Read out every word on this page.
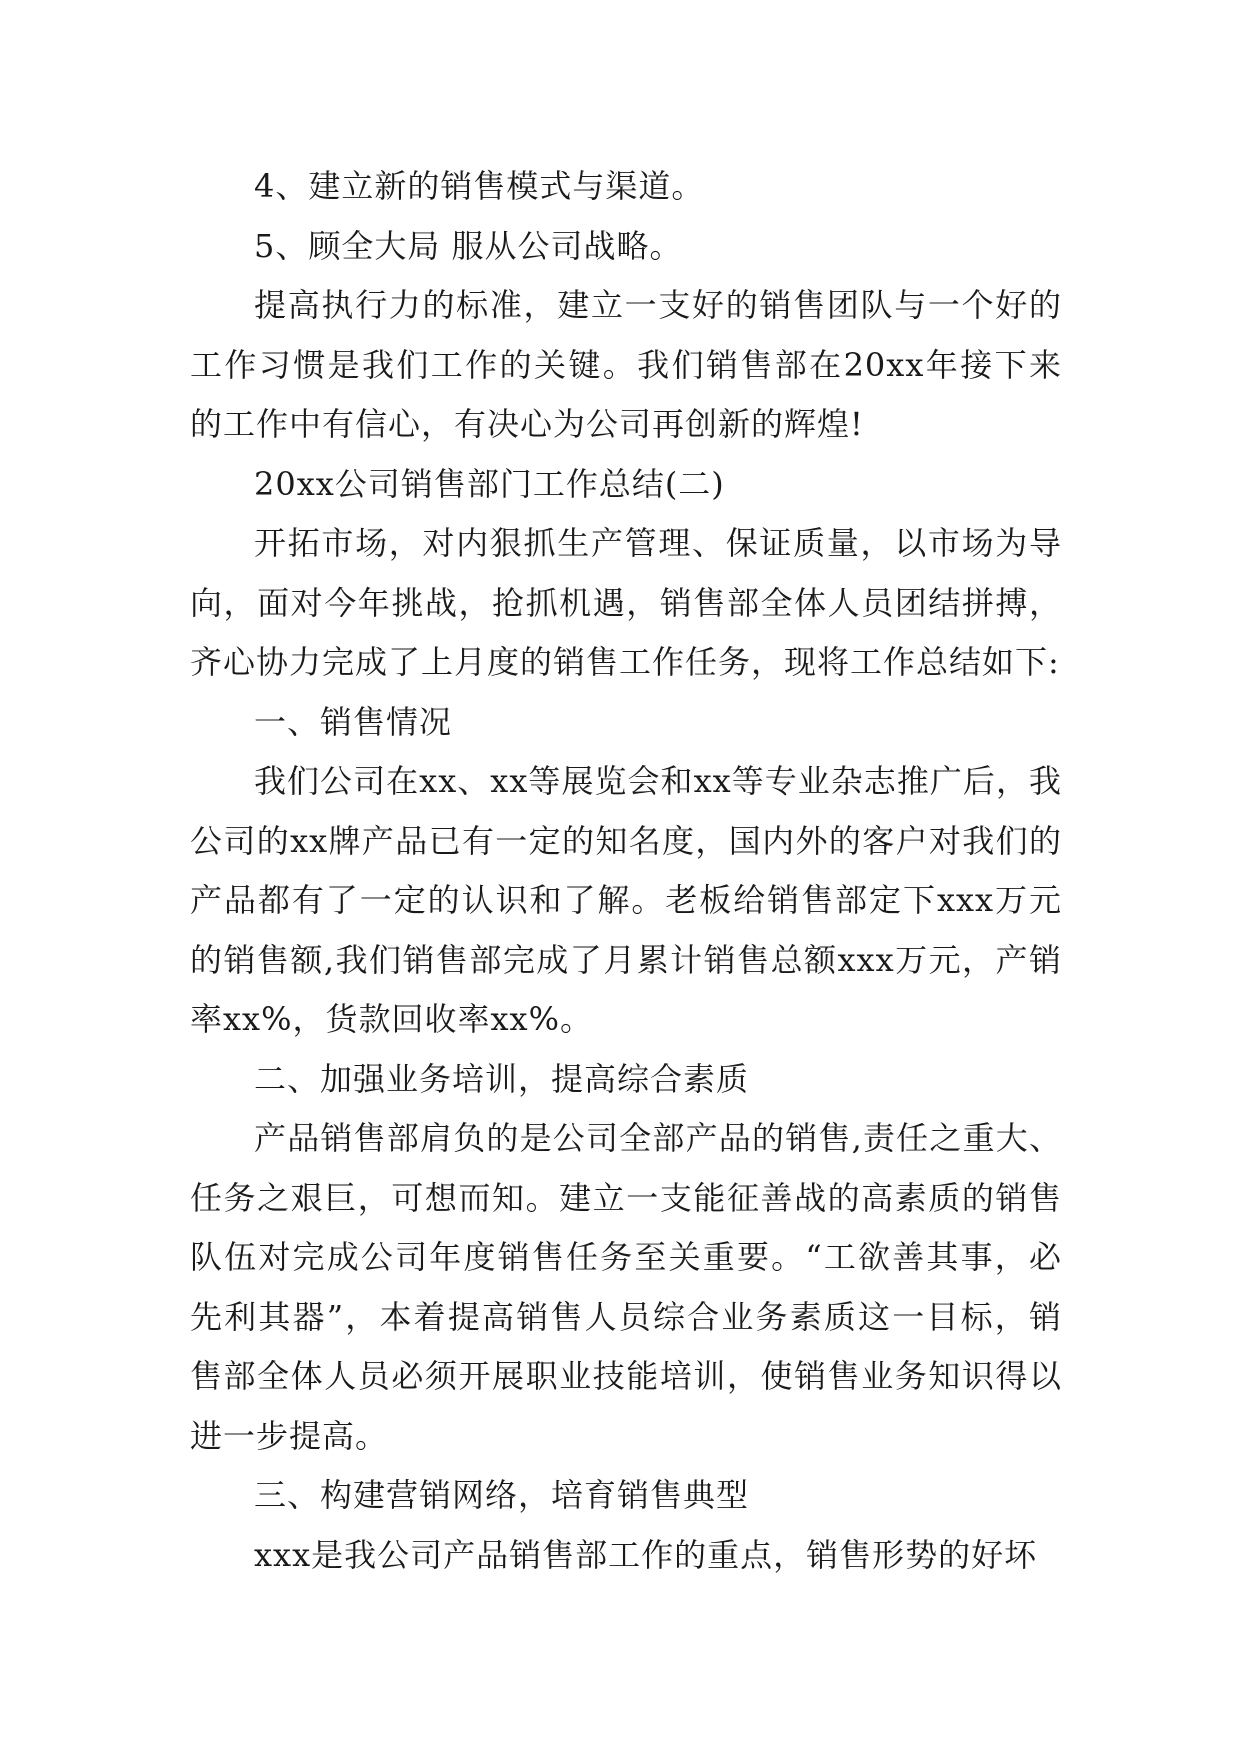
4、建立新的销售模式与渠道。

5、顾全大局 服从公司战略。

提高执行力的标准，建立一支好的销售团队与一个好的工作习惯是我们工作的关键。我们销售部在20xx年接下来的工作中有信心，有决心为公司再创新的辉煌!

20xx公司销售部门工作总结(二)

开拓市场，对内狠抓生产管理、保证质量，以市场为导向，面对今年挑战，抢抓机遇，销售部全体人员团结拼搏，齐心协力完成了上月度的销售工作任务，现将工作总结如下:

一、销售情况

我们公司在xx、xx等展览会和xx等专业杂志推广后，我公司的xx牌产品已有一定的知名度，国内外的客户对我们的产品都有了一定的认识和了解。老板给销售部定下xxx万元的销售额,我们销售部完成了月累计销售总额xxx万元，产销率xx%，货款回收率xx%。

二、加强业务培训，提高综合素质

产品销售部肩负的是公司全部产品的销售,责任之重大、任务之艰巨，可想而知。建立一支能征善战的高素质的销售队伍对完成公司年度销售任务至关重要。“工欲善其事，必先利其器”，本着提高销售人员综合业务素质这一目标，销售部全体人员必须开展职业技能培训，使销售业务知识得以进一步提高。

三、构建营销网络，培育销售典型

xxx是我公司产品销售部工作的重点，销售形势的好坏
